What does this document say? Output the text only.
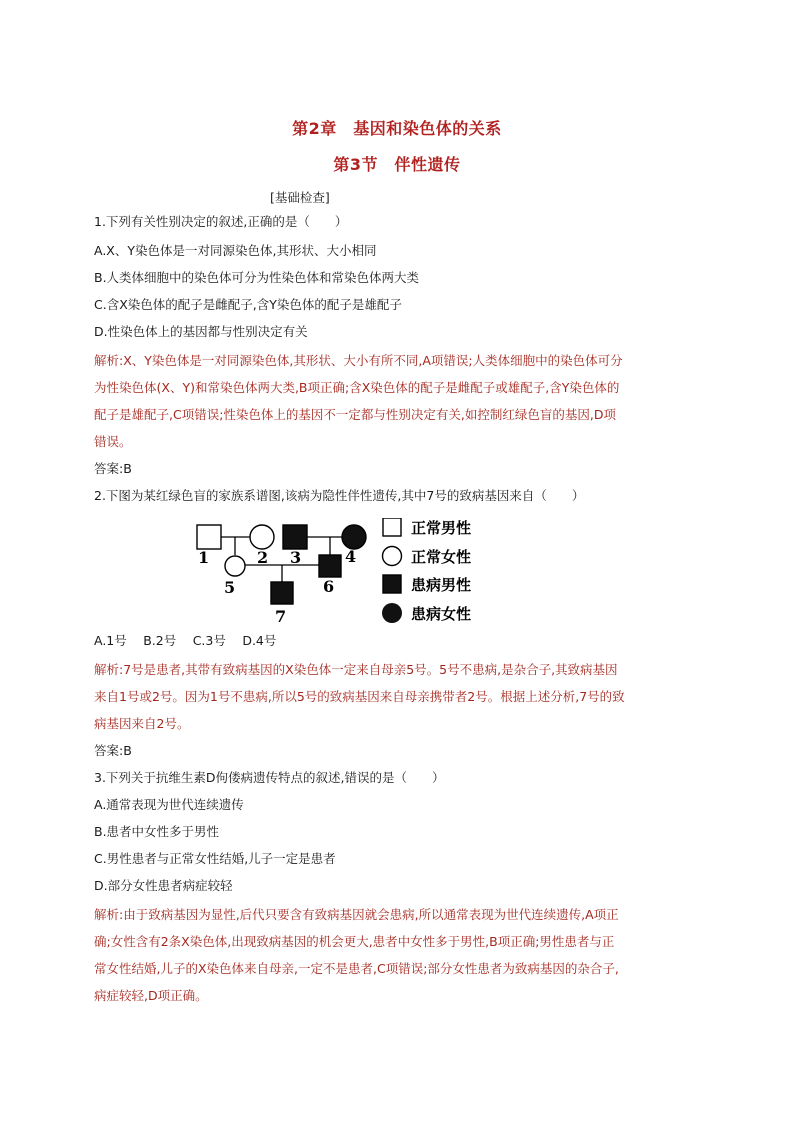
第2章　基因和染色体的关系
第3节　伴性遗传
[基础检查]
1.下列有关性别决定的叙述,正确的是（　　）
A.X、Y染色体是一对同源染色体,其形状、大小相同
B.人类体细胞中的染色体可分为性染色体和常染色体两大类
C.含X染色体的配子是雌配子,含Y染色体的配子是雄配子
D.性染色体上的基因都与性别决定有关
解析:X、Y染色体是一对同源染色体,其形状、大小有所不同,A项错误;人类体细胞中的染色体可分
为性染色体(X、Y)和常染色体两大类,B项正确;含X染色体的配子是雌配子或雄配子,含Y染色体的
配子是雄配子,C项错误;性染色体上的基因不一定都与性别决定有关,如控制红绿色盲的基因,D项
错误。
答案:B
2.下图为某红绿色盲的家族系谱图,该病为隐性伴性遗传,其中7号的致病基因来自（　　）
1	2 3	4
5	6
7
正常男性
正常女性
患病男性
患病女性
A.1号　 B.2号　 C.3号　 D.4号
解析:7号是患者,其带有致病基因的X染色体一定来自母亲5号。5号不患病,是杂合子,其致病基因
来自1号或2号。因为1号不患病,所以5号的致病基因来自母亲携带者2号。根据上述分析,7号的致
病基因来自2号。
答案:B
3.下列关于抗维生素D佝偻病遗传特点的叙述,错误的是（　　）
A.通常表现为世代连续遗传
B.患者中女性多于男性
C.男性患者与正常女性结婚,儿子一定是患者
D.部分女性患者病症较轻
解析:由于致病基因为显性,后代只要含有致病基因就会患病,所以通常表现为世代连续遗传,A项正
确;女性含有2条X染色体,出现致病基因的机会更大,患者中女性多于男性,B项正确;男性患者与正
常女性结婚,儿子的X染色体来自母亲,一定不是患者,C项错误;部分女性患者为致病基因的杂合子,
病症较轻,D项正确。
